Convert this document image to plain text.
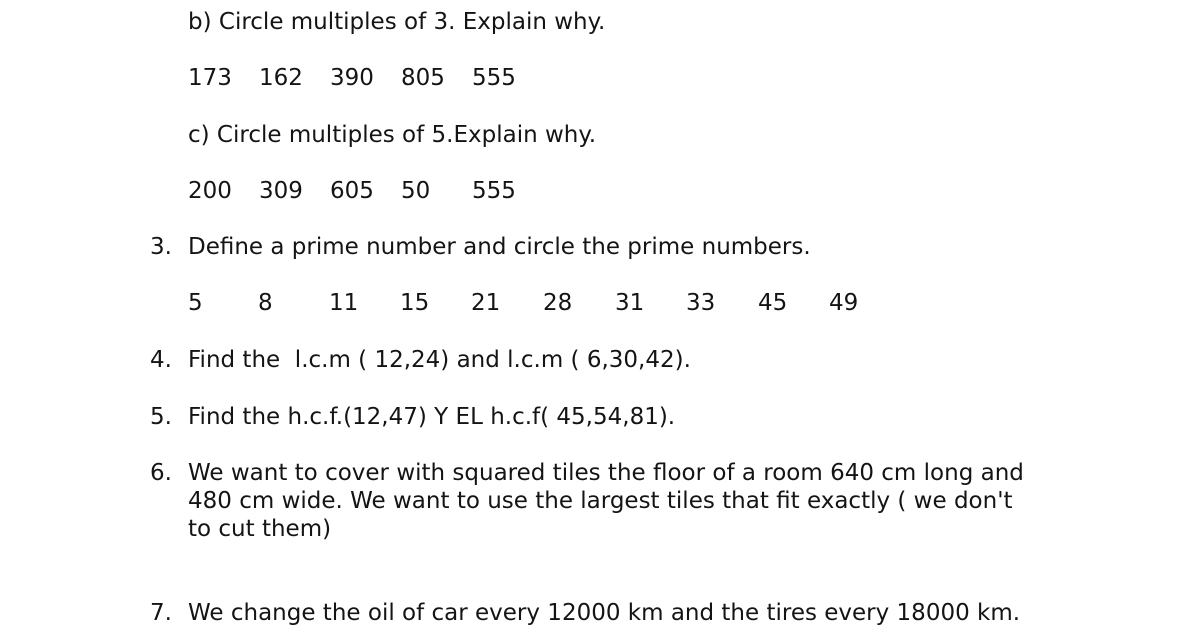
b) Circle multiples of 3. Explain why.
173 162 390 805 555
c) Circle multiples of 5.Explain why.
200 309 605 50 555
3. Define a prime number and circle the prime numbers.
5 8 11 15 21 28 31 33 45 49
4. Find the  l.c.m ( 12,24) and l.c.m ( 6,30,42).
5. Find the h.c.f.(12,47) Y EL h.c.f( 45,54,81).
6. We want to cover with squared tiles the floor of a room 640 cm long and
480 cm wide. We want to use the largest tiles that fit exactly ( we don't
to cut them)
7. We change the oil of car every 12000 km and the tires every 18000 km.
